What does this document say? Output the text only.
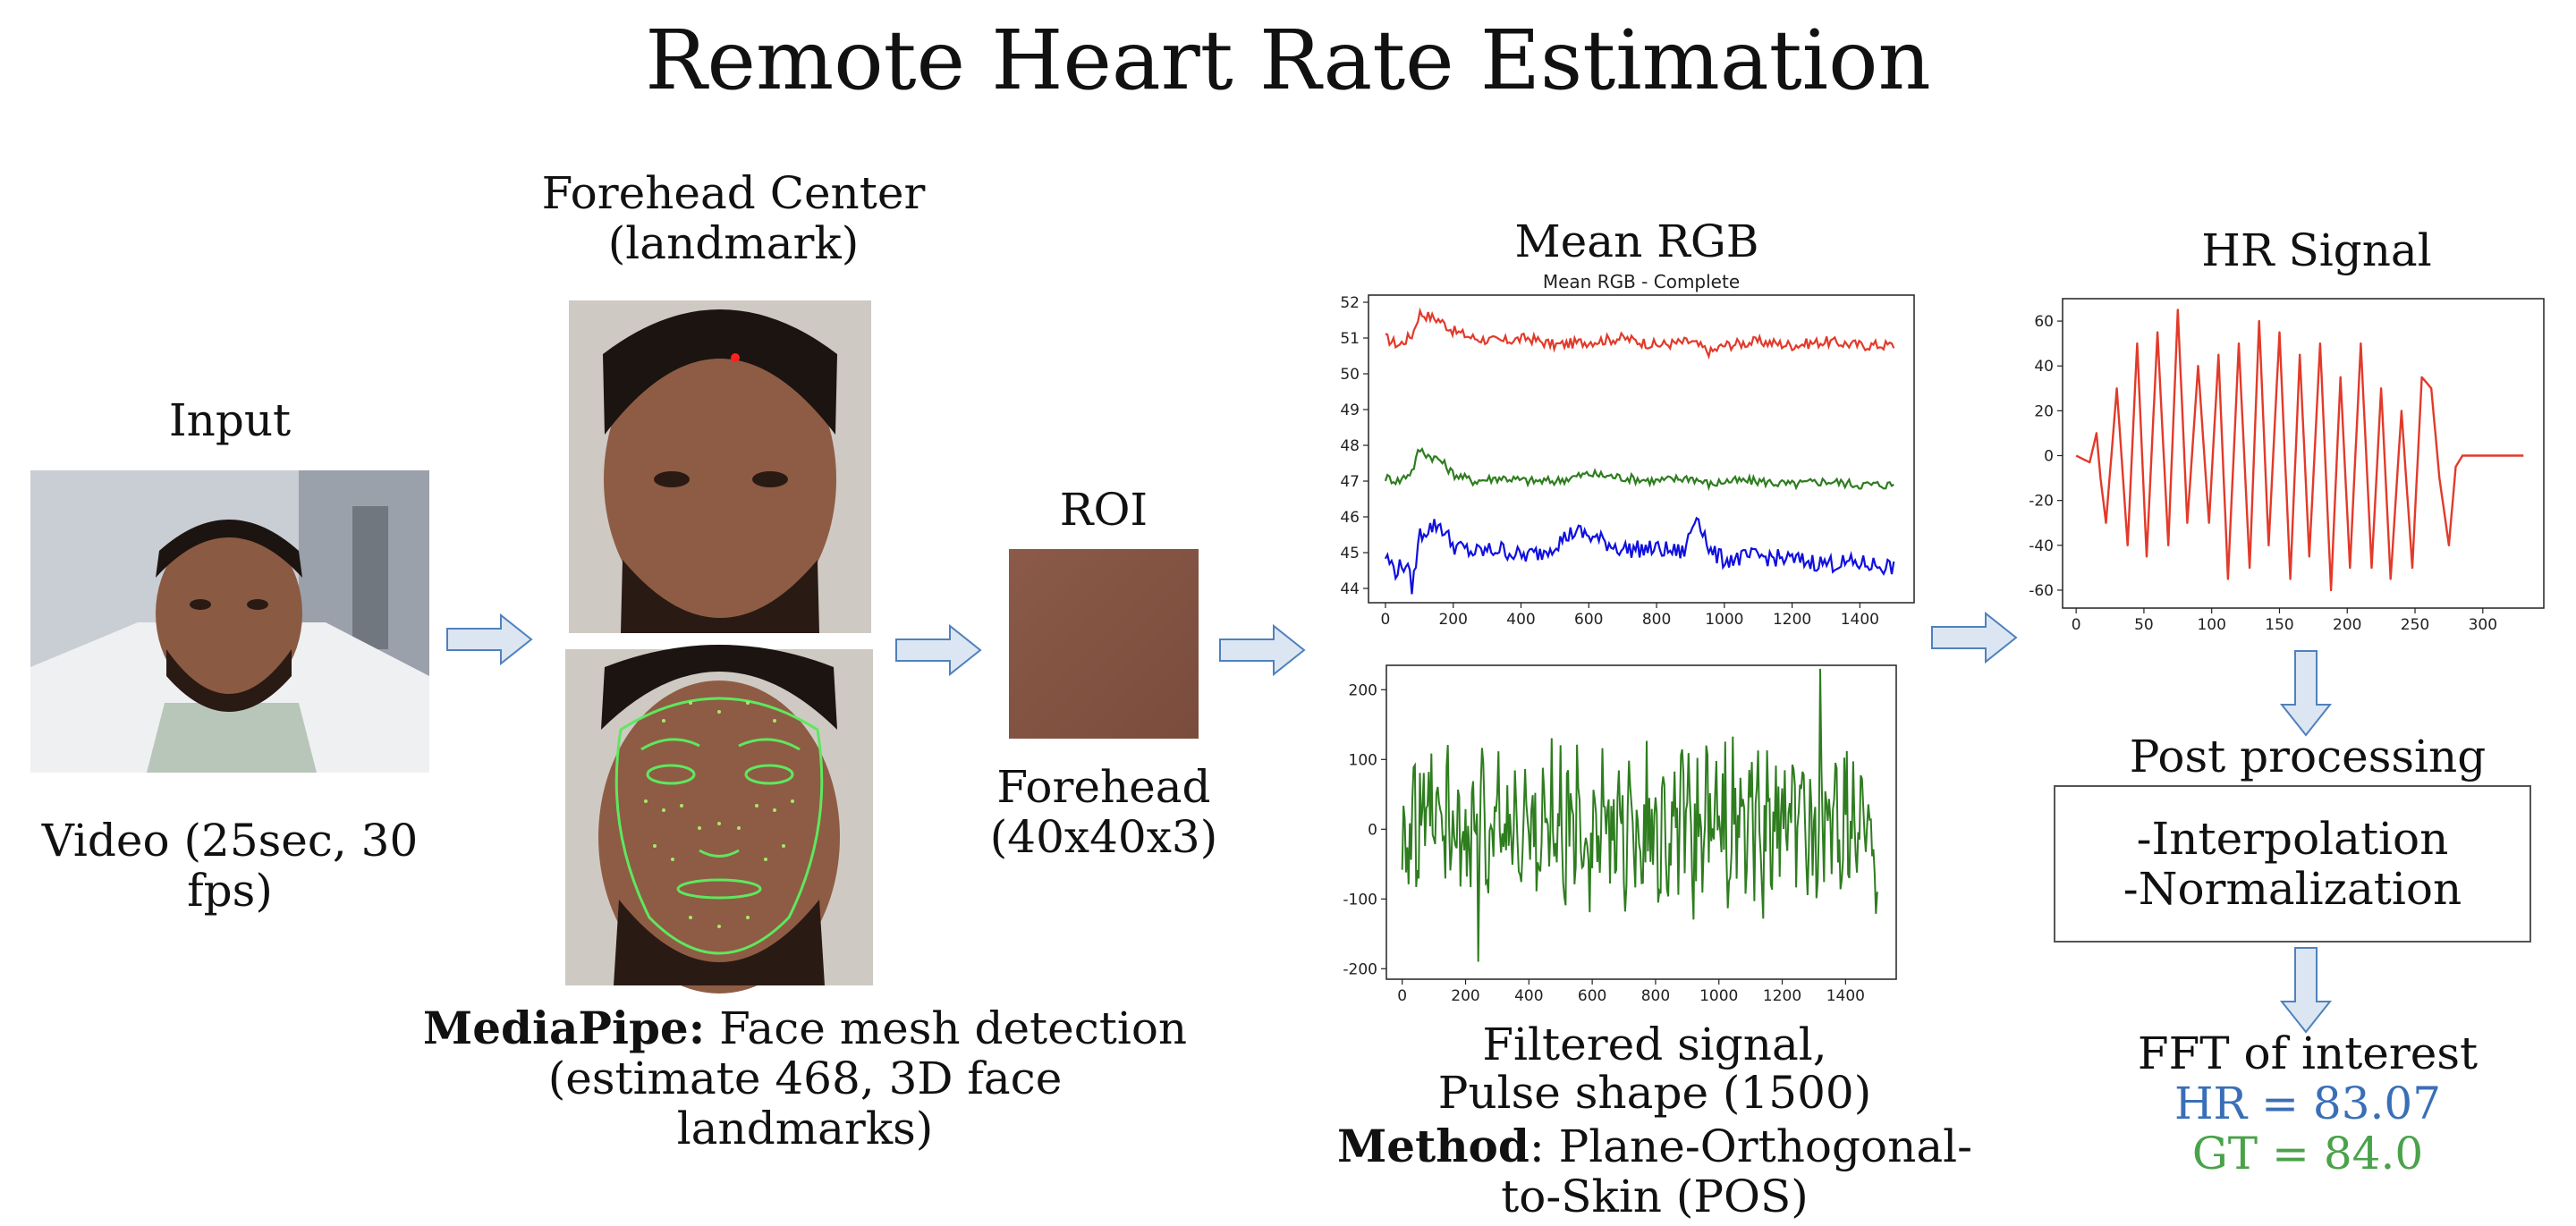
Remote Heart Rate Estimation
Input
Video (25sec, 30
fps)
Forehead Center
(landmark)
MediaPipe: Face mesh detection
(estimate 468, 3D face
landmarks)
ROI
Forehead
(40x40x3)
Mean RGB
0	200	400	600	800 1000 1200 1400
44
45
46
47
48
49
50
51
52
Mean RGB - Complete
0	200 400 600 800 1000 1200 1400
-200
-100
0
100
200
Filtered signal,
Pulse shape (1500)
Method: Plane-Orthogonal-
to-Skin (POS)
HR Signal
0	50	100	150	200	250	300
-60
-40
-20
0
20
40
60
Post processing
-Interpolation
-Normalization
FFT of interest
HR = 83.07
GT = 84.0
